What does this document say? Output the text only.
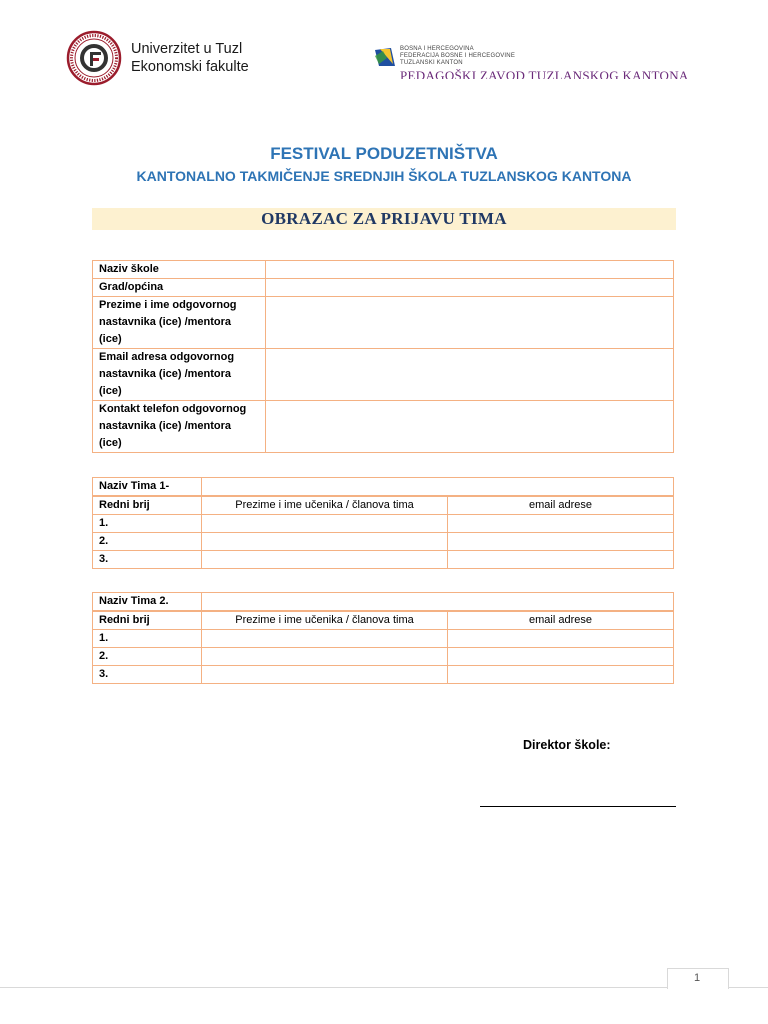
Univerzitet u Tuzl
Ekonomski fakulte
BOSNA I HERCEGOVINA
FEDERACIJA BOSNE I HERCEGOVINE
TUZLANSKI KANTON
PEDAGOŠKI ZAVOD TUZLANSKOG KANTONA
FESTIVAL PODUZETNIŠTVA
KANTONALNO TAKMIČENJE SREDNJIH ŠKOLA TUZLANSKOG KANTONA
OBRAZAC ZA PRIJAVU TIMA
Naziv škole	
Grad/općina	

Prezime i ime odgovornog
nastavnika (ice) /mentora
(ice)	

Email adresa odgovornog
nastavnika (ice) /mentora
(ice)	

Kontakt telefon odgovornog
nastavnika (ice) /mentora
(ice)	

Naziv Tima 1-		
Redni brij	Prezime i ime učenika / članova tima	email adrese
1.		
2.		
3.		
Naziv Tima 2.		
Redni brij	Prezime i ime učenika / članova tima	email adrese
1.		
2.		
3.		
Direktor škole:
1
